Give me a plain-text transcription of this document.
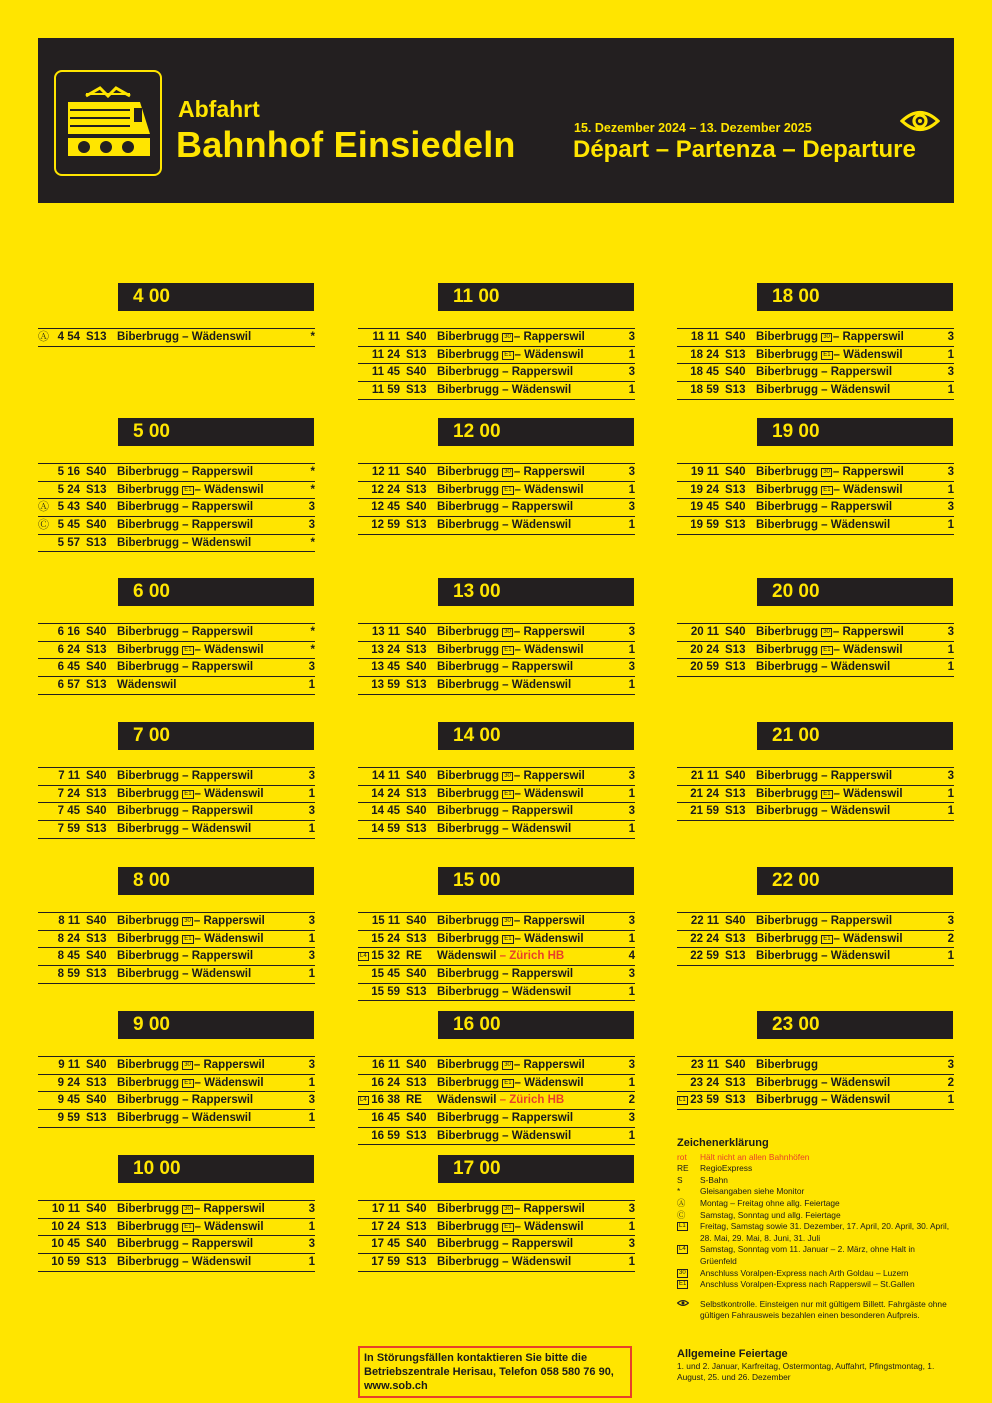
Abfahrt
Bahnhof Einsiedeln	15. Dezember 2024 – 13. Dezember 2025
Départ – Partenza – Departure
4 00
Ⓐ 4 54 S13 Biberbrugg – Wädenswil	*
5 00
5 16 S40 Biberbrugg – Rapperswil	*
5 24 S13 Biberbrugg E1 – Wädenswil	*
Ⓐ 5 43 S40 Biberbrugg – Rapperswil	3
Ⓒ 5 45 S40 Biberbrugg – Rapperswil	3
5 57 S13 Biberbrugg – Wädenswil	*
6 00
6 16 S40 Biberbrugg – Rapperswil	*
6 24 S13 Biberbrugg E1 – Wädenswil	*
6 45 S40 Biberbrugg – Rapperswil	3
6 57 S13 Wädenswil	1
7 00
7 11 S40 Biberbrugg – Rapperswil	3
7 24 S13 Biberbrugg E1 – Wädenswil	1
7 45 S40 Biberbrugg – Rapperswil	3
7 59 S13 Biberbrugg – Wädenswil	1
8 00
8 11 S40 Biberbrugg 30 – Rapperswil	3
8 24 S13 Biberbrugg E1 – Wädenswil	1
8 45 S40 Biberbrugg – Rapperswil	3
8 59 S13 Biberbrugg – Wädenswil	1
9 00
9 11 S40 Biberbrugg 30 – Rapperswil	3
9 24 S13 Biberbrugg E1 – Wädenswil	1
9 45 S40 Biberbrugg – Rapperswil	3
9 59 S13 Biberbrugg – Wädenswil	1
10 00
10 11 S40 Biberbrugg 30 – Rapperswil	3
10 24 S13 Biberbrugg E1 – Wädenswil	1
10 45 S40 Biberbrugg – Rapperswil	3
10 59 S13 Biberbrugg – Wädenswil	1
11 00
11 11 S40 Biberbrugg 30 – Rapperswil	3
11 24 S13 Biberbrugg E1 – Wädenswil	1
11 45 S40 Biberbrugg – Rapperswil	3
11 59 S13 Biberbrugg – Wädenswil	1
12 00
12 11 S40 Biberbrugg 30 – Rapperswil	3
12 24 S13 Biberbrugg E1 – Wädenswil	1
12 45 S40 Biberbrugg – Rapperswil	3
12 59 S13 Biberbrugg – Wädenswil	1
13 00
13 11 S40 Biberbrugg 30 – Rapperswil	3
13 24 S13 Biberbrugg E1 – Wädenswil	1
13 45 S40 Biberbrugg – Rapperswil	3
13 59 S13 Biberbrugg – Wädenswil	1
14 00
14 11 S40 Biberbrugg 30 – Rapperswil	3
14 24 S13 Biberbrugg E1 – Wädenswil	1
14 45 S40 Biberbrugg – Rapperswil	3
14 59 S13 Biberbrugg – Wädenswil	1
15 00
15 11 S40 Biberbrugg 30 – Rapperswil	3
15 24 S13 Biberbrugg E1 – Wädenswil	1
L4 15 32 RE Wädenswil – Zürich HB	4
15 45 S40 Biberbrugg – Rapperswil	3
15 59 S13 Biberbrugg – Wädenswil	1
16 00
16 11 S40 Biberbrugg 30 – Rapperswil	3
16 24 S13 Biberbrugg E1 – Wädenswil	1
L4 16 38 RE Wädenswil – Zürich HB	2
16 45 S40 Biberbrugg – Rapperswil	3
16 59 S13 Biberbrugg – Wädenswil	1
17 00
17 11 S40 Biberbrugg 30 – Rapperswil	3
17 24 S13 Biberbrugg E1 – Wädenswil	1
17 45 S40 Biberbrugg – Rapperswil	3
17 59 S13 Biberbrugg – Wädenswil	1
18 00
18 11 S40 Biberbrugg 30 – Rapperswil	3
18 24 S13 Biberbrugg E1 – Wädenswil	1
18 45 S40 Biberbrugg – Rapperswil	3
18 59 S13 Biberbrugg – Wädenswil	1
19 00
19 11 S40 Biberbrugg 30 – Rapperswil	3
19 24 S13 Biberbrugg E1 – Wädenswil	1
19 45 S40 Biberbrugg – Rapperswil	3
19 59 S13 Biberbrugg – Wädenswil	1
20 00
20 11 S40 Biberbrugg 30 – Rapperswil	3
20 24 S13 Biberbrugg E1 – Wädenswil	1
20 59 S13 Biberbrugg – Wädenswil	1
21 00
21 11 S40 Biberbrugg – Rapperswil	3
21 24 S13 Biberbrugg E1 – Wädenswil	1
21 59 S13 Biberbrugg – Wädenswil	1
22 00
22 11 S40 Biberbrugg – Rapperswil	3
22 24 S13 Biberbrugg E1 – Wädenswil	2
22 59 S13 Biberbrugg – Wädenswil	1
23 00
23 11 S40 Biberbrugg	3
23 24 S13 Biberbrugg – Wädenswil	2
L1 23 59 S13 Biberbrugg – Wädenswil	1
Zeichenerklärung
rot Hält nicht an allen Bahnhöfen
RE RegioExpress
S S-Bahn
* Gleisangaben siehe Monitor
Ⓐ Montag – Freitag ohne allg. Feiertage
Ⓒ Samstag, Sonntag und allg. Feiertage
L1 Freitag, Samstag sowie 31. Dezember, 17. April, 20. April, 30. April, 28. Mai, 29. Mai, 8. Juni, 31. Juli
L4 Samstag, Sonntag vom 11. Januar – 2. März, ohne Halt in Grüenfeld
30 Anschluss Voralpen-Express nach Arth Goldau – Luzern
E1 Anschluss Voralpen-Express nach Rapperswil – St.Gallen
Selbstkontrolle. Einsteigen nur mit gültigem Billett. Fahrgäste ohne gültigen Fahrausweis bezahlen einen besonderen Aufpreis.
Allgemeine Feiertage
1. und 2. Januar, Karfreitag, Ostermontag, Auffahrt, Pfingstmontag, 1. August, 25. und 26. Dezember
In Störungsfällen kontaktieren Sie bitte die Betriebszentrale Herisau, Telefon 058 580 76 90, www.sob.ch
